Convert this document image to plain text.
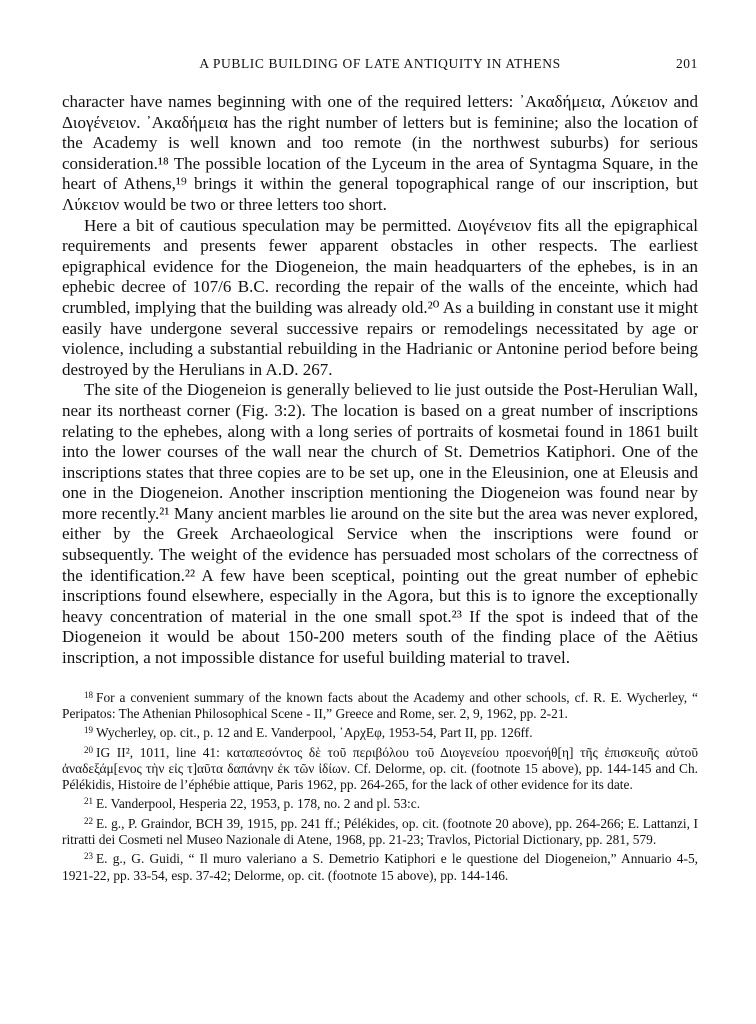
A PUBLIC BUILDING OF LATE ANTIQUITY IN ATHENS	201

character have names beginning with one of the required letters: ᾿Ακαδήμεια, Λύκειον and Διογένειον. ᾿Ακαδήμεια has the right number of letters but is feminine; also the location of the Academy is well known and too remote (in the northwest suburbs) for serious consideration.¹⁸ The possible location of the Lyceum in the area of Syntagma Square, in the heart of Athens,¹⁹ brings it within the general topographical range of our inscription, but Λύκειον would be two or three letters too short.

Here a bit of cautious speculation may be permitted. Διογένειον fits all the epigraphical requirements and presents fewer apparent obstacles in other respects. The earliest epigraphical evidence for the Diogeneion, the main headquarters of the ephebes, is in an ephebic decree of 107/6 B.C. recording the repair of the walls of the enceinte, which had crumbled, implying that the building was already old.²⁰ As a building in constant use it might easily have undergone several successive repairs or remodelings necessitated by age or violence, including a substantial rebuilding in the Hadrianic or Antonine period before being destroyed by the Herulians in A.D. 267.

The site of the Diogeneion is generally believed to lie just outside the Post-Herulian Wall, near its northeast corner (Fig. 3:2). The location is based on a great number of inscriptions relating to the ephebes, along with a long series of portraits of kosmetai found in 1861 built into the lower courses of the wall near the church of St. Demetrios Katiphori. One of the inscriptions states that three copies are to be set up, one in the Eleusinion, one at Eleusis and one in the Diogeneion. Another inscription mentioning the Diogeneion was found near by more recently.²¹ Many ancient marbles lie around on the site but the area was never explored, either by the Greek Archaeological Service when the inscriptions were found or subsequently. The weight of the evidence has persuaded most scholars of the correctness of the identification.²² A few have been sceptical, pointing out the great number of ephebic inscriptions found elsewhere, especially in the Agora, but this is to ignore the exceptionally heavy concentration of material in the one small spot.²³ If the spot is indeed that of the Diogeneion it would be about 150-200 meters south of the finding place of the Aëtius inscription, a not impossible distance for useful building material to travel.

$^{18}$ For a convenient summary of the known facts about the Academy and other schools, cf. R. E. Wycherley, “ Peripatos: The Athenian Philosophical Scene - II,” Greece and Rome, ser. 2, 9, 1962, pp. 2-21.

$^{19}$ Wycherley, op. cit., p. 12 and E. Vanderpool, ᾿ΑρχΕφ, 1953-54, Part II, pp. 126ff.

$^{20}$ IG II², 1011, line 41: καταπεσόντος δὲ τοῦ περιβόλου τοῦ Διογενείου προενοήθ[η] τῆς ἐπισκευῆς αὐτοῦ ἀναδεξάμ[ενος τὴν εἰς τ]αῦτα δαπάνην ἐκ τῶν ἰδίων. Cf. Delorme, op. cit. (footnote 15 above), pp. 144-145 and Ch. Pélékidis, Histoire de l’éphébie attique, Paris 1962, pp. 264-265, for the lack of other evidence for its date.

$^{21}$ E. Vanderpool, Hesperia 22, 1953, p. 178, no. 2 and pl. 53:c.

$^{22}$ E. g., P. Graindor, BCH 39, 1915, pp. 241 ff.; Pélékides, op. cit. (footnote 20 above), pp. 264-266; E. Lattanzi, I ritratti dei Cosmeti nel Museo Nazionale di Atene, 1968, pp. 21-23; Travlos, Pictorial Dictionary, pp. 281, 579.

$^{23}$ E. g., G. Guidi, “ Il muro valeriano a S. Demetrio Katiphori e le questione del Diogeneion,” Annuario 4-5, 1921-22, pp. 33-54, esp. 37-42; Delorme, op. cit. (footnote 15 above), pp. 144-146.
